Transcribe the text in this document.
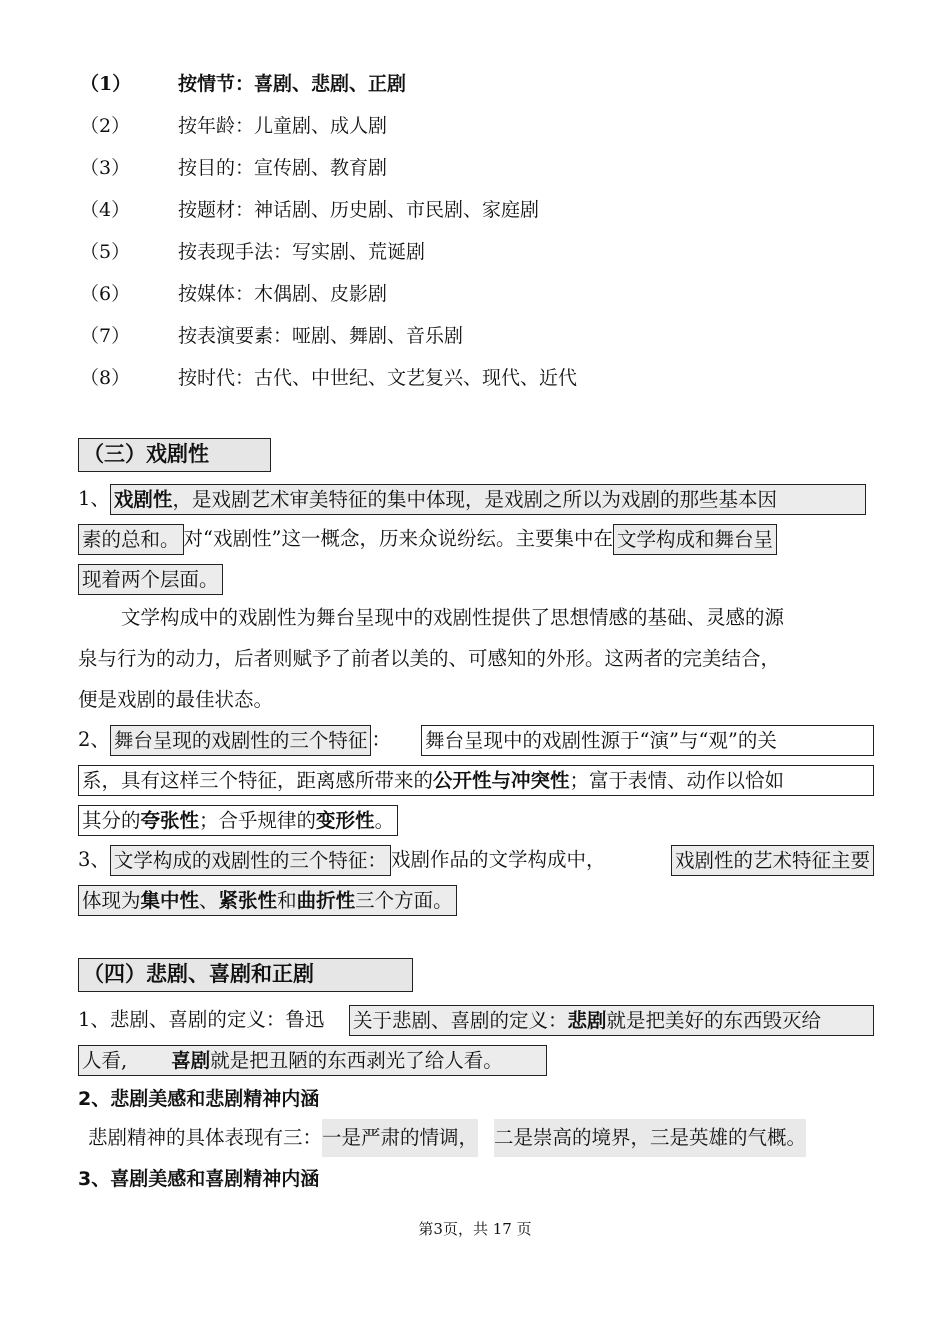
（1）	按情节：喜剧、悲剧、正剧
（2）	按年龄：儿童剧、成人剧
（3）	按目的：宣传剧、教育剧
（4）	按题材：神话剧、历史剧、市民剧、家庭剧
（5）	按表现手法：写实剧、荒诞剧
（6）	按媒体：木偶剧、皮影剧
（7）	按表演要素：哑剧、舞剧、音乐剧
（8）	按时代：古代、中世纪、文艺复兴、现代、近代
（三）戏剧性
1、 戏剧性，是戏剧艺术审美特征的集中体现，是戏剧之所以为戏剧的那些基本因
素的总和。 对“戏剧性”这一概念，历来众说纷纭。主要集中在 文学构成和舞台呈
现着两个层面。
文学构成中的戏剧性为舞台呈现中的戏剧性提供了思想情感的基础、灵感的源
泉与行为的动力，后者则赋予了前者以美的、可感知的外形。这两者的完美结合，
便是戏剧的最佳状态。
2、 舞台呈现的戏剧性的三个特征 ： 舞台呈现中的戏剧性源于“演”与“观”的关
系，具有这样三个特征，距离感所带来的公开性与冲突性；富于表情、动作以恰如
其分的夸张性；合乎规律的变形性。
3、 文学构成的戏剧性的三个特征： 戏剧作品的文学构成中，	戏剧性的艺术特征主要
体现为集中性、紧张性和曲折性三个方面。
（四）悲剧、喜剧和正剧
1、悲剧、喜剧的定义：鲁迅 关于悲剧、喜剧的定义：悲剧就是把美好的东西毁灭给
人看, 喜剧就是把丑陋的东西剥光了给人看。
2、悲剧美感和悲剧精神内涵
悲剧精神的具体表现有三：一是严肃的情调， 二是崇高的境界，三是英雄的气概。
3、喜剧美感和喜剧精神内涵
第3页，共 17 页
